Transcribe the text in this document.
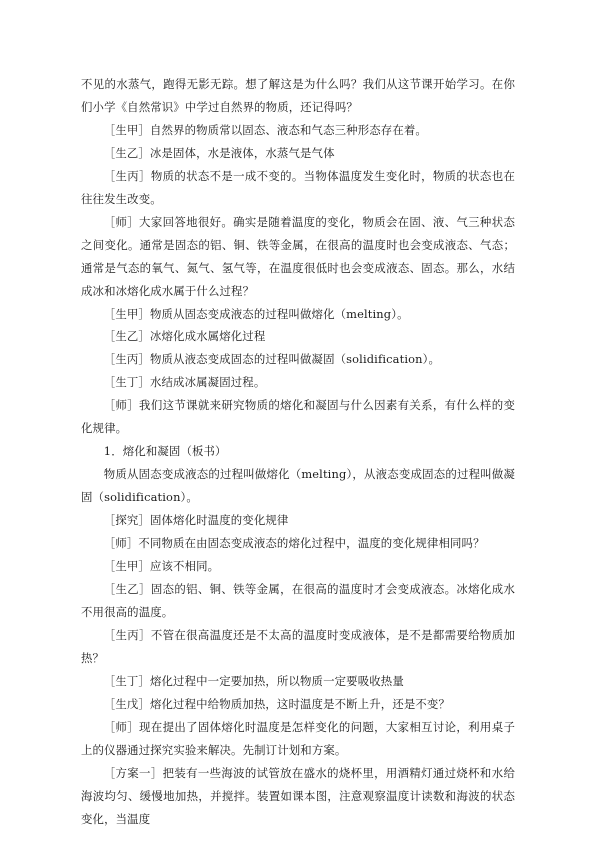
不见的水蒸气，跑得无影无踪。想了解这是为什么吗？我们从这节课开始学习。在你们小学《自然常识》中学过自然界的物质，还记得吗？

［生甲］自然界的物质常以固态、液态和气态三种形态存在着。

［生乙］冰是固体，水是液体，水蒸气是气体

［生丙］物质的状态不是一成不变的。当物体温度发生变化时，物质的状态也在往往发生改变。

［师］大家回答地很好。确实是随着温度的变化，物质会在固、液、气三种状态之间变化。通常是固态的铝、铜、铁等金属，在很高的温度时也会变成液态、气态；通常是气态的氧气、氮气、氢气等，在温度很低时也会变成液态、固态。那么，水结成冰和冰熔化成水属于什么过程？

［生甲］物质从固态变成液态的过程叫做熔化（melting）。

［生乙］冰熔化成水属熔化过程

［生丙］物质从液态变成固态的过程叫做凝固（solidification）。

［生丁］水结成冰属凝固过程。

［师］我们这节课就来研究物质的熔化和凝固与什么因素有关系，有什么样的变化规律。

1．熔化和凝固（板书）

物质从固态变成液态的过程叫做熔化（melting），从液态变成固态的过程叫做凝固（solidification）。

［探究］固体熔化时温度的变化规律

［师］不同物质在由固态变成液态的熔化过程中，温度的变化规律相同吗？

［生甲］应该不相同。

［生乙］固态的铝、铜、铁等金属，在很高的温度时才会变成液态。冰熔化成水不用很高的温度。

［生丙］不管在很高温度还是不太高的温度时变成液体，是不是都需要给物质加热？

［生丁］熔化过程中一定要加热，所以物质一定要吸收热量

［生戊］熔化过程中给物质加热，这时温度是不断上升，还是不变？

［师］现在提出了固体熔化时温度是怎样变化的问题，大家相互讨论，利用桌子上的仪器通过探究实验来解决。先制订计划和方案。

［方案一］把装有一些海波的试管放在盛水的烧杯里，用酒精灯通过烧杯和水给海波均匀、缓慢地加热，并搅拌。装置如课本图，注意观察温度计读数和海波的状态变化，当温度
